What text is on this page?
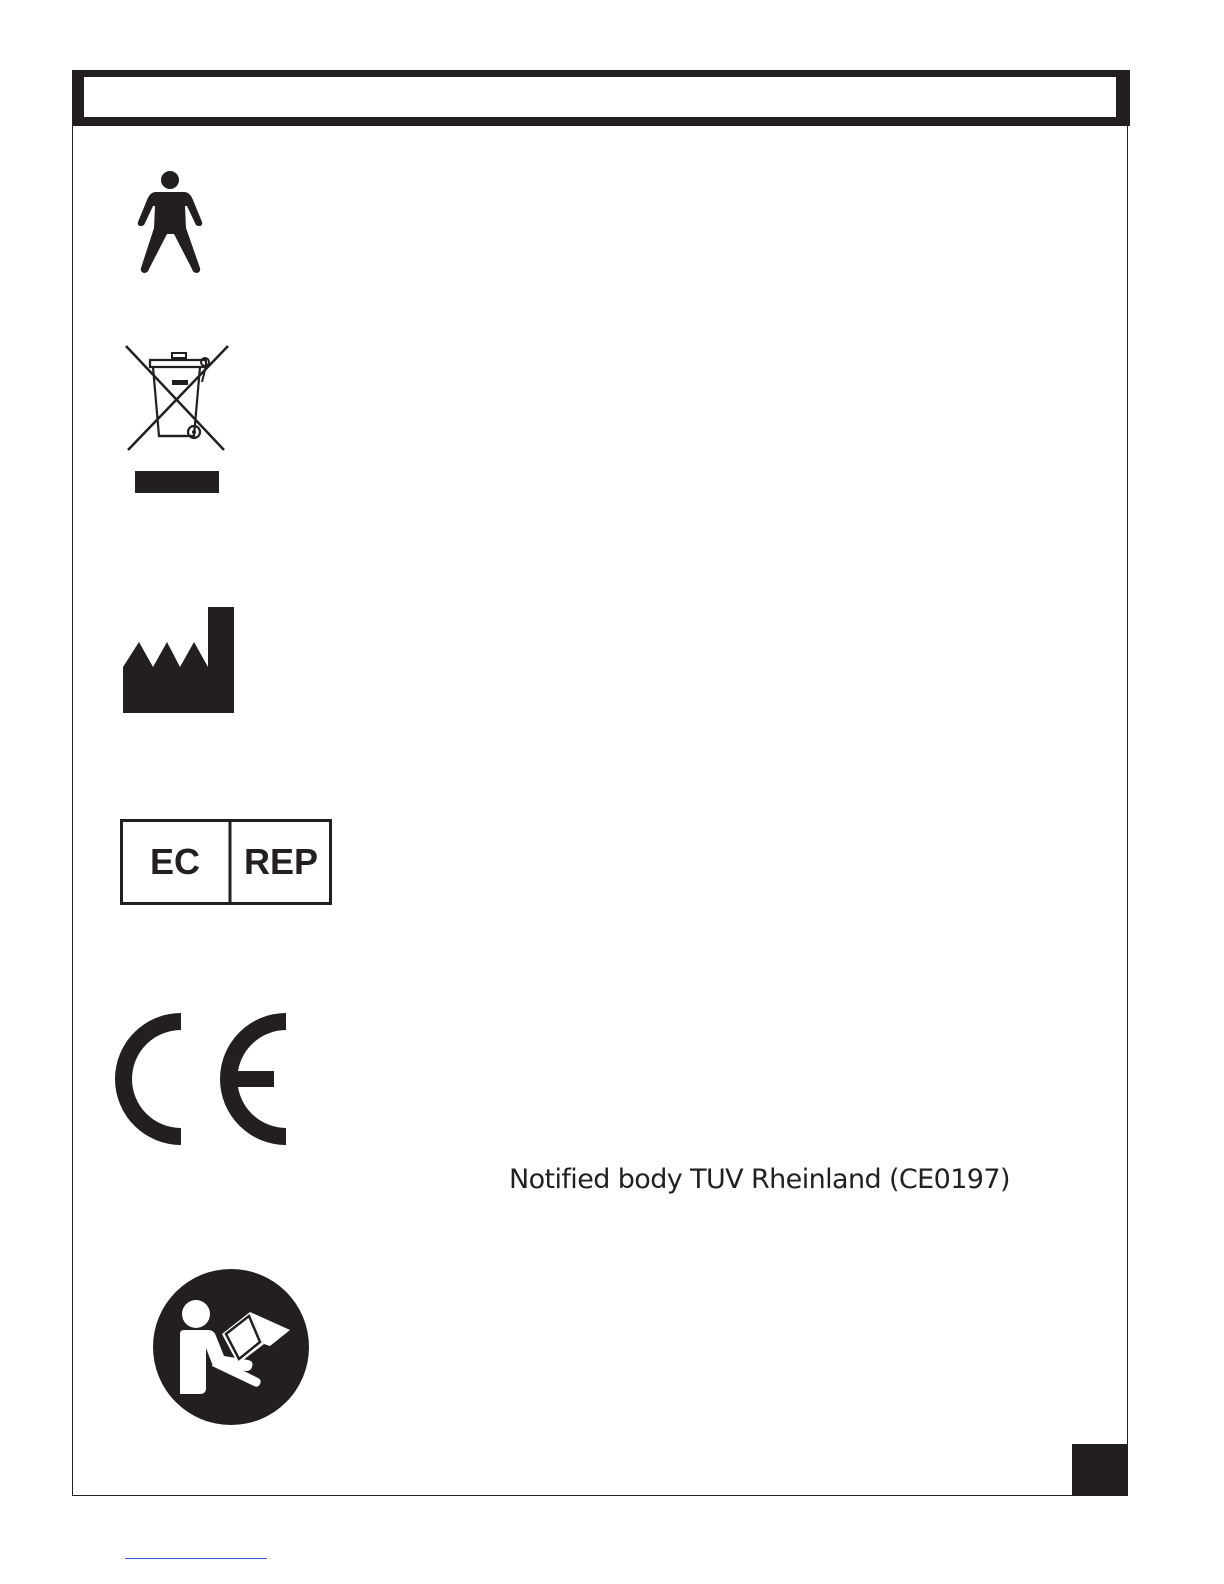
EC	REP
Notified body TUV Rheinland (CE0197)
